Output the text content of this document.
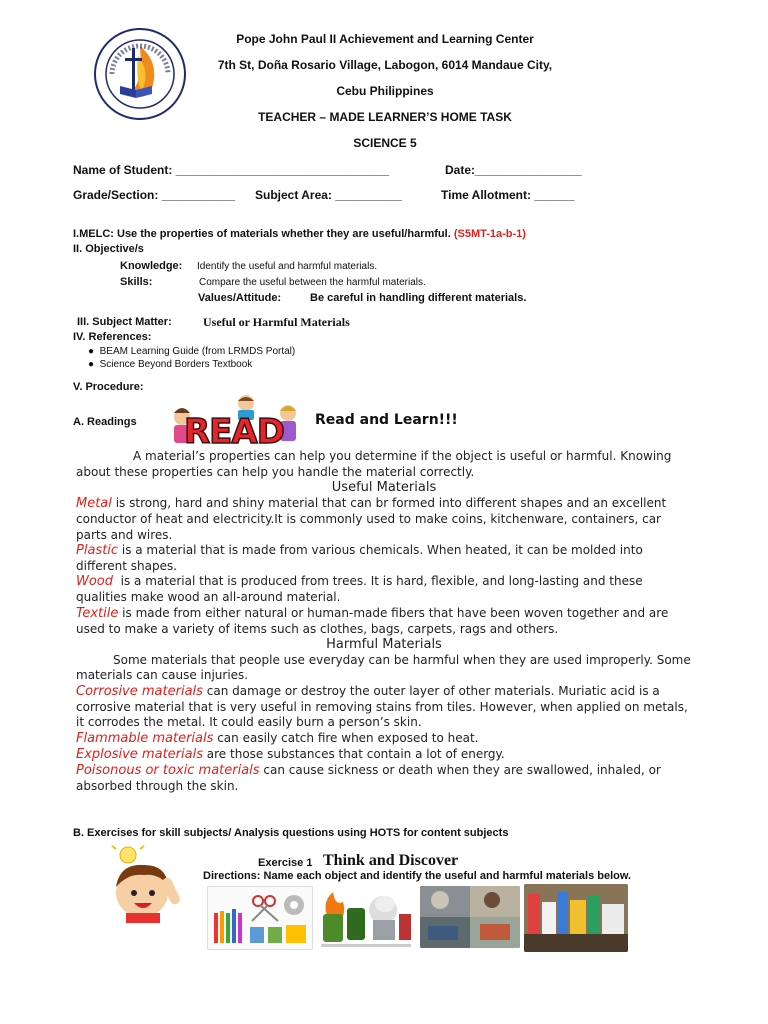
Pope John Paul II Achievement and Learning Center
7th St, Doña Rosario Village, Labogon, 6014 Mandaue City,
Cebu Philippines
TEACHER – MADE LEARNER’S HOME TASK
SCIENCE 5
Name of Student: ________________________________	Date:________________
Grade/Section: ___________ Subject Area: __________	Time Allotment: ______
I.MELC: Use the properties of materials whether they are useful/harmful. (S5MT-1a-b-1)
II. Objective/s
Knowledge: Identify the useful and harmful materials.
Skills:	Compare the useful between the harmful materials.
Values/Attitude:	Be careful in handling different materials.
III. Subject Matter:	Useful or Harmful Materials
IV. References:
●  BEAM Learning Guide (from LRMDS Portal)
●  Science Beyond Borders Textbook
V. Procedure:
A. Readings READ Read and Learn!!!
A material’s properties can help you determine if the object is useful or harmful. Knowing
about these properties can help you handle the material correctly.
Useful Materials
Metal is strong, hard and shiny material that can br formed into different shapes and an excellent
conductor of heat and electricity.It is commonly used to make coins, kitchenware, containers, car
parts and wires.
Plastic is a material that is made from various chemicals. When heated, it can be molded into
different shapes.
Wood  is a material that is produced from trees. It is hard, flexible, and long-lasting and these
qualities make wood an all-around material.
Textile is made from either natural or human-made fibers that have been woven together and are
used to make a variety of items such as clothes, bags, carpets, rags and others.
Harmful Materials
Some materials that people use everyday can be harmful when they are used improperly. Some
materials can cause injuries.
Corrosive materials can damage or destroy the outer layer of other materials. Muriatic acid is a
corrosive material that is very useful in removing stains from tiles. However, when applied on metals,
it corrodes the metal. It could easily burn a person’s skin.
Flammable materials can easily catch fire when exposed to heat.
Explosive materials are those substances that contain a lot of energy.
Poisonous or toxic materials can cause sickness or death when they are swallowed, inhaled, or
absorbed through the skin.
B. Exercises for skill subjects/ Analysis questions using HOTS for content subjects
Exercise 1 Think and Discover
Directions: Name each object and identify the useful and harmful materials below.
